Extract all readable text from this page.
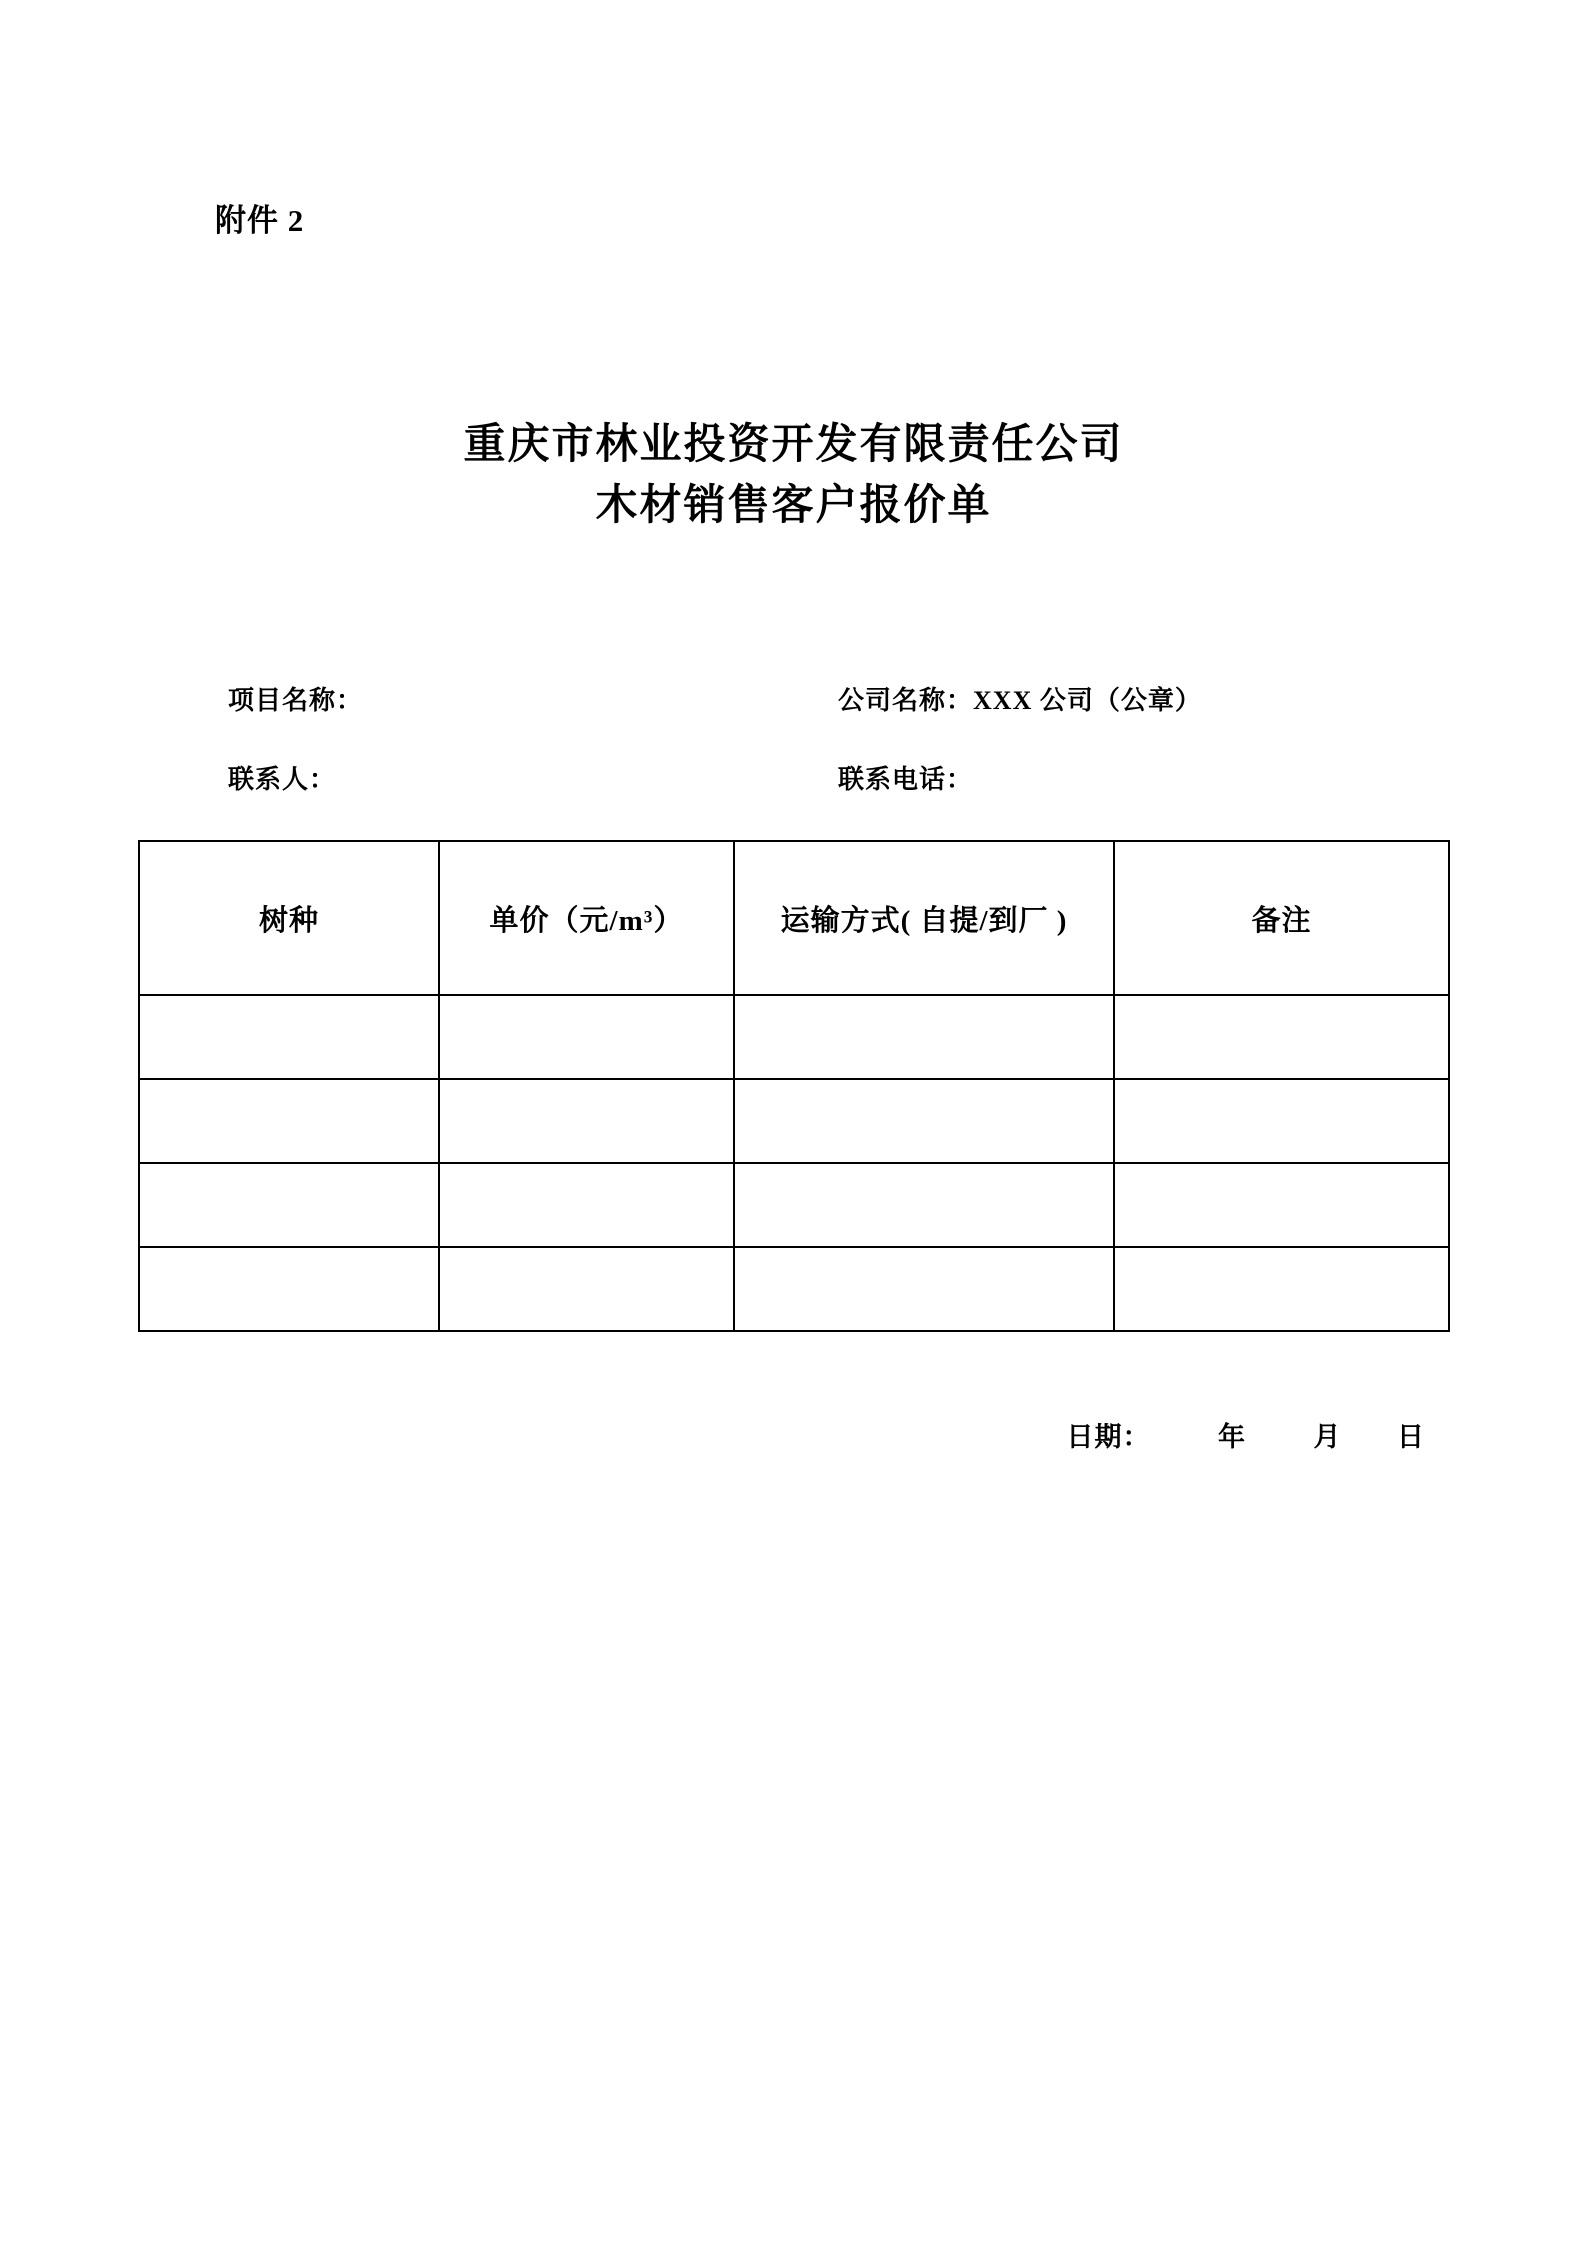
附件 2
重庆市林业投资开发有限责任公司
木材销售客户报价单
项目名称：	公司名称：XXX 公司（公章）
联系人：	联系电话：
树种	单价（元/m³）	运输方式( 自提/到厂 )	备注

日期：	年	月 日
